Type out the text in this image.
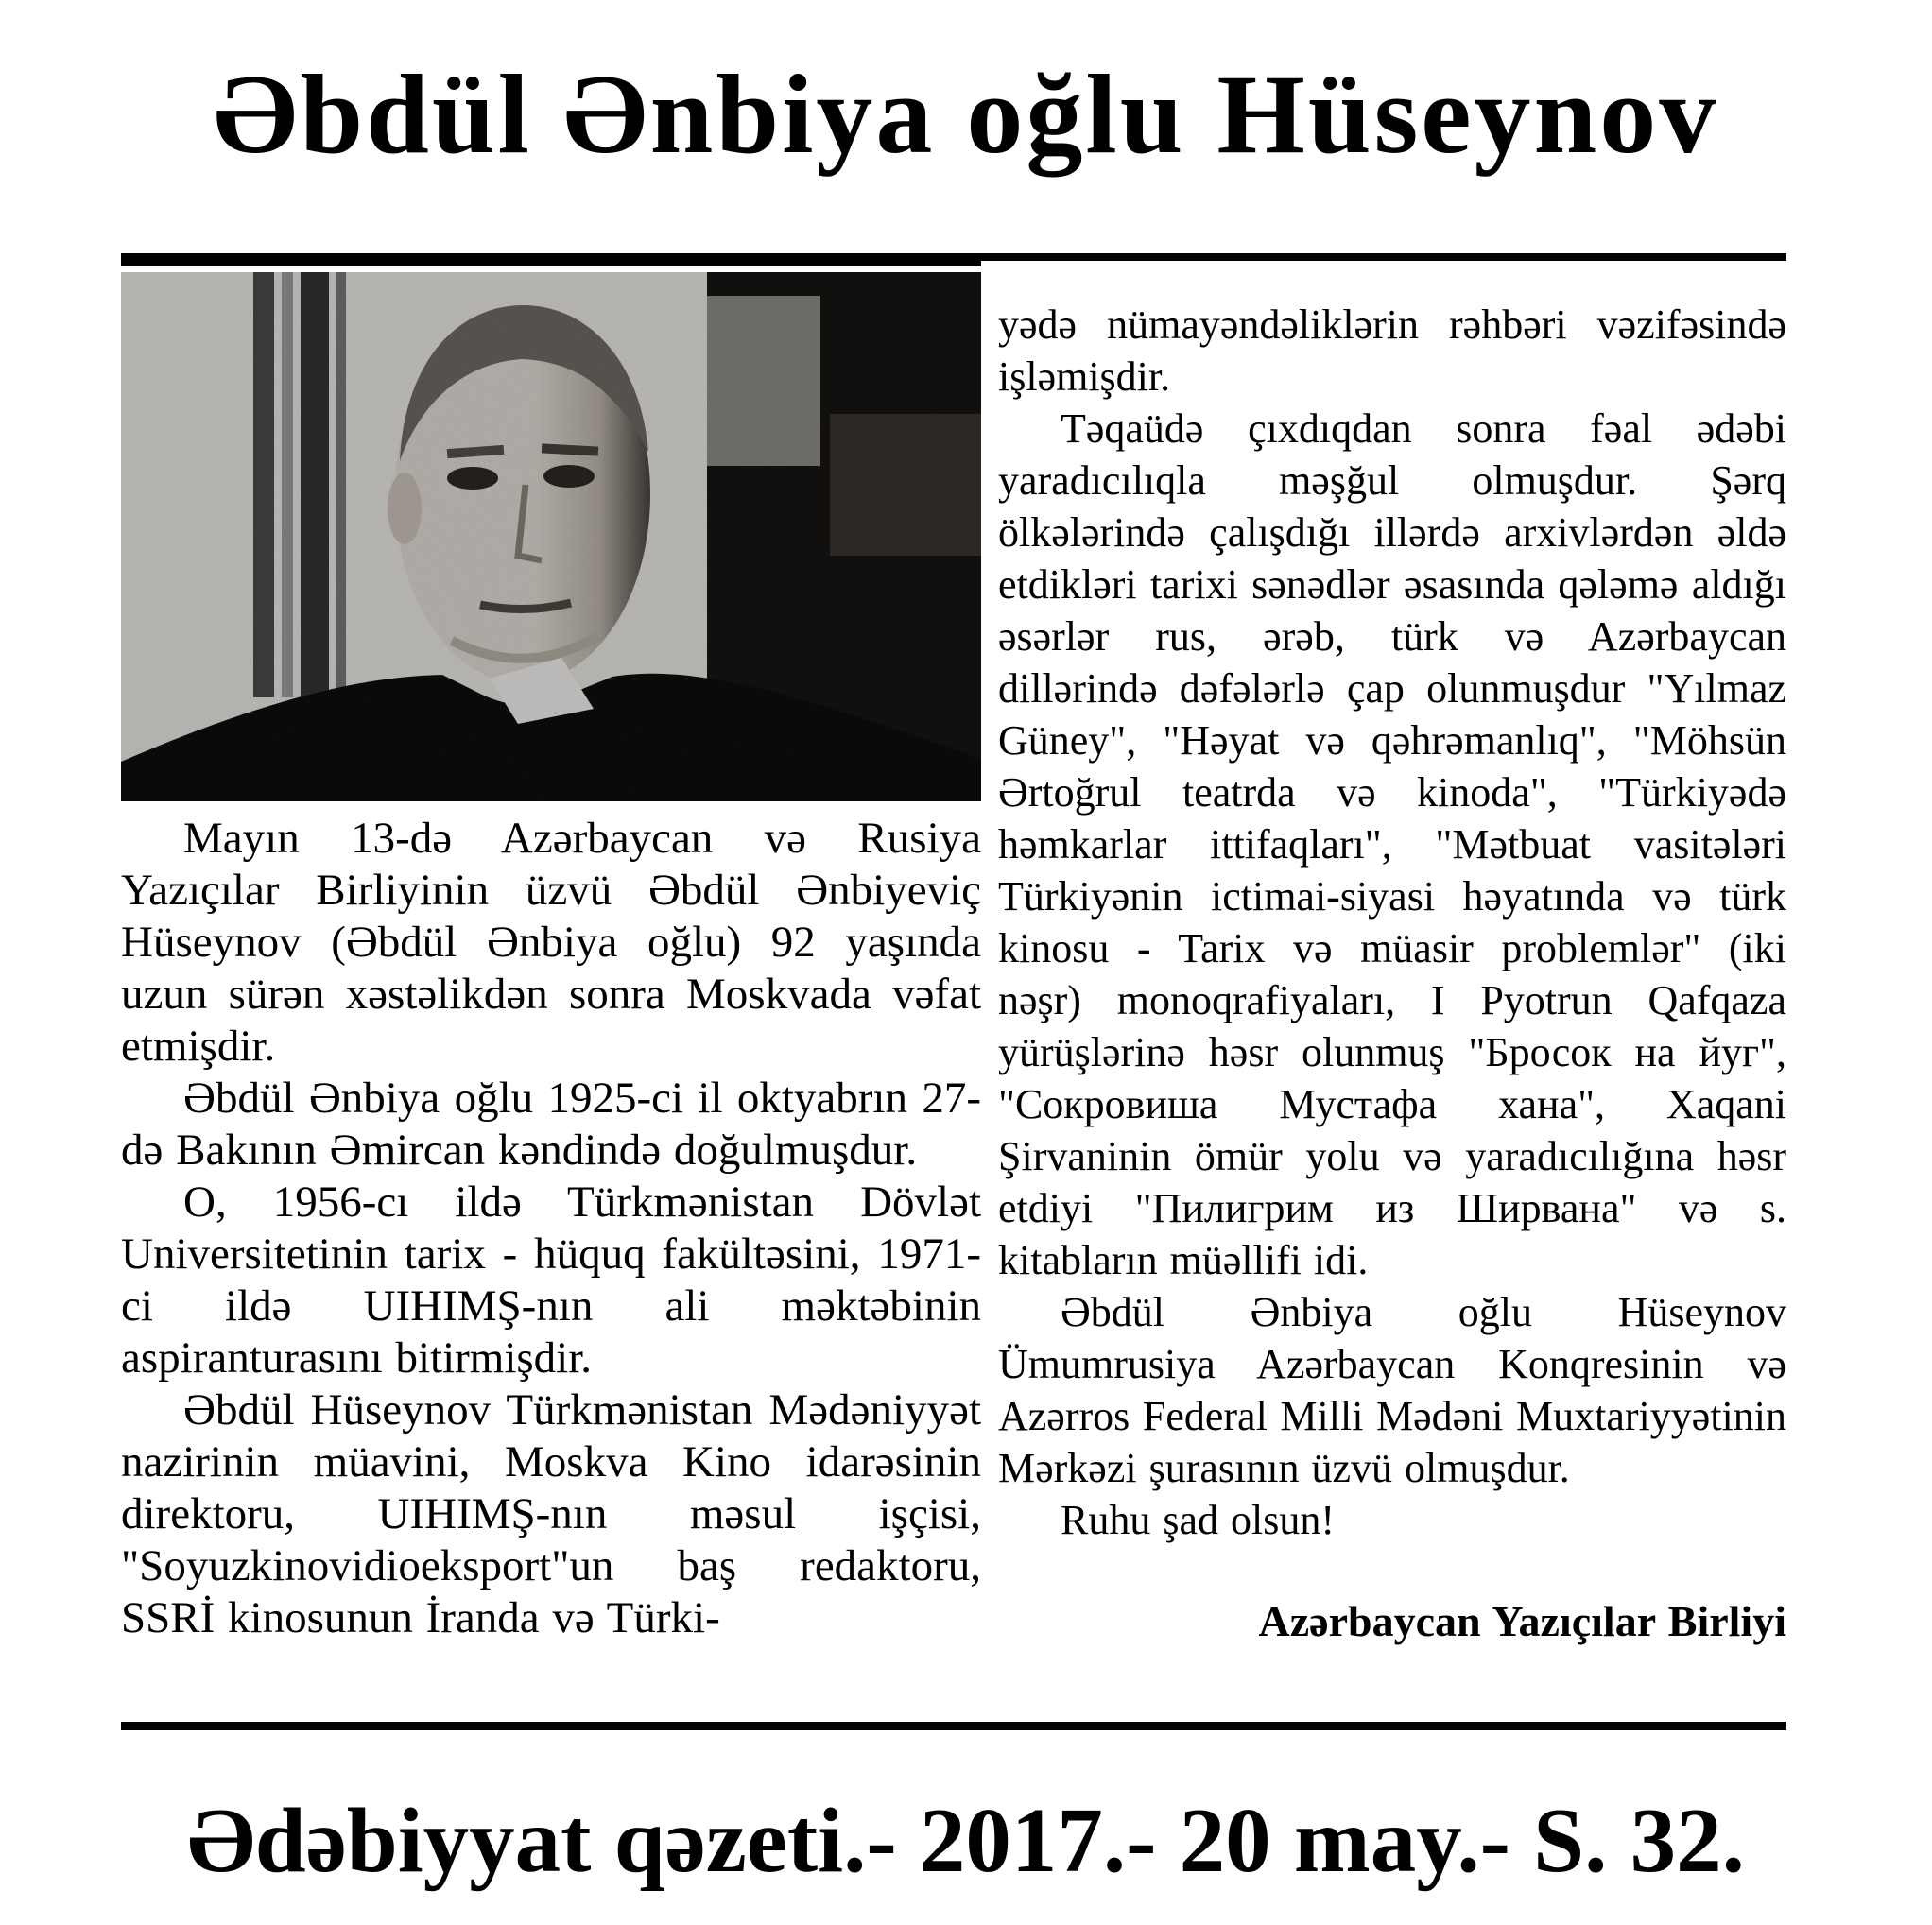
Əbdül Ənbiya oğlu Hüseynov

Mayın 13-də Azərbaycan və Rusiya Yazıçılar Birliyinin üzvü Əbdül Ənbiyeviç Hüseynov (Əbdül Ənbiya oğlu) 92 yaşında uzun sürən xəstəlikdən sonra Moskvada vəfat etmişdir.

Əbdül Ənbiya oğlu 1925-ci il oktyabrın 27-də Bakının Əmircan kəndində doğulmuşdur.

O, 1956-cı ildə Türkmənistan Dövlət Universitetinin tarix - hüquq fakültəsini, 1971-ci ildə UIHIMŞ-nın ali məktəbinin aspiranturasını bitirmişdir.

Əbdül Hüseynov Türkmənistan Mədəniyyət nazirinin müavini, Moskva Kino idarəsinin direktoru, UIHIMŞ-nın məsul işçisi, "Soyuzkinovidioeksport"un baş redaktoru, SSRİ kinosunun İranda və Türki-

yədə nümayəndəliklərin rəhbəri vəzifəsində işləmişdir.

Təqaüdə çıxdıqdan sonra fəal ədəbi yaradıcılıqla məşğul olmuşdur. Şərq ölkələrində çalışdığı illərdə arxivlərdən əldə etdikləri tarixi sənədlər əsasında qələmə aldığı əsərlər rus, ərəb, türk və Azərbaycan dillərində dəfələrlə çap olunmuşdur "Yılmaz Güney", "Həyat və qəhrəmanlıq", "Möhsün Ərtoğrul teatrda və kinoda", "Türkiyədə həmkarlar ittifaqları", "Mətbuat vasitələri Türkiyənin ictimai-siyasi həyatında və türk kinosu - Tarix və müasir problemlər" (iki nəşr) monoqrafiyaları, I Pyotrun Qafqaza yürüşlərinə həsr olunmuş "Бросок на йуг", "Сокровиша Мустафа хана", Xaqani Şirvaninin ömür yolu və yaradıcılığına həsr etdiyi "Пилигрим из Ширвана" və s. kitabların müəllifi idi.

Əbdül Ənbiya oğlu Hüseynov Ümumrusiya Azərbaycan Konqresinin və Azərros Federal Milli Mədəni Muxtariyyətinin Mərkəzi şurasının üzvü olmuşdur.

Ruhu şad olsun!

Azərbaycan Yazıçılar Birliyi
Ədəbiyyat qəzeti.- 2017.- 20 may.- S. 32.
